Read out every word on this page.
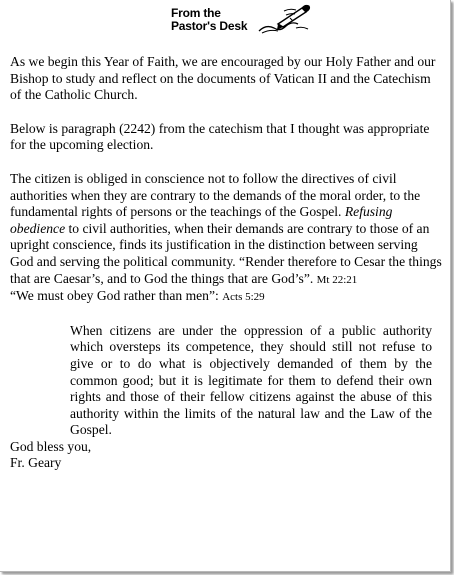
From the
Pastor's Desk

As we begin this Year of Faith, we are encouraged by our Holy Father and our Bishop to study and reflect on the documents of Vatican II and the Catechism of the Catholic Church.

Below is paragraph (2242) from the catechism that I thought was appropriate for the upcoming election.

The citizen is obliged in conscience not to follow the directives of civil authorities when they are contrary to the demands of the moral order, to the fundamental rights of persons or the teachings of the Gospel. Refusing obedience to civil authorities, when their demands are contrary to those of an upright conscience, finds its justification in the distinction between serving God and serving the political community. “Render therefore to Cesar the things that are Caesar’s, and to God the things that are God’s”. Mt 22:21
“We must obey God rather than men”: Acts 5:29

When citizens are under the oppression of a public authority which oversteps its competence, they should still not refuse to give or to do what is objectively demanded of them by the common good; but it is legitimate for them to defend their own rights and those of their fellow citizens against the abuse of this authority within the limits of the natural law and the Law of the Gospel.

God bless you,

Fr. Geary
